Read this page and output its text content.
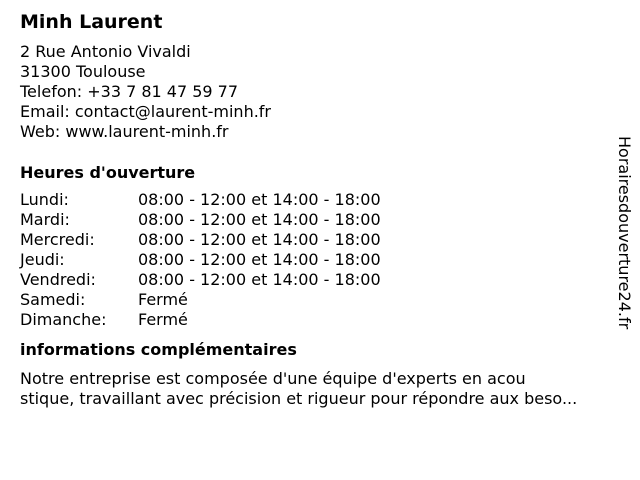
Minh Laurent
2 Rue Antonio Vivaldi
31300 Toulouse
Telefon: +33 7 81 47 59 77
Email: contact@laurent-minh.fr
Web: www.laurent-minh.fr
Heures d'ouverture
Lundi:	08:00 - 12:00 et 14:00 - 18:00
Mardi:	08:00 - 12:00 et 14:00 - 18:00
Mercredi:	08:00 - 12:00 et 14:00 - 18:00
Jeudi:	08:00 - 12:00 et 14:00 - 18:00
Vendredi:	08:00 - 12:00 et 14:00 - 18:00
Samedi:	Fermé
Dimanche:	Fermé
informations complémentaires
Notre entreprise est composée d'une équipe d'experts en acou
stique, travaillant avec précision et rigueur pour répondre aux beso...
Horairesdouverture24.fr
